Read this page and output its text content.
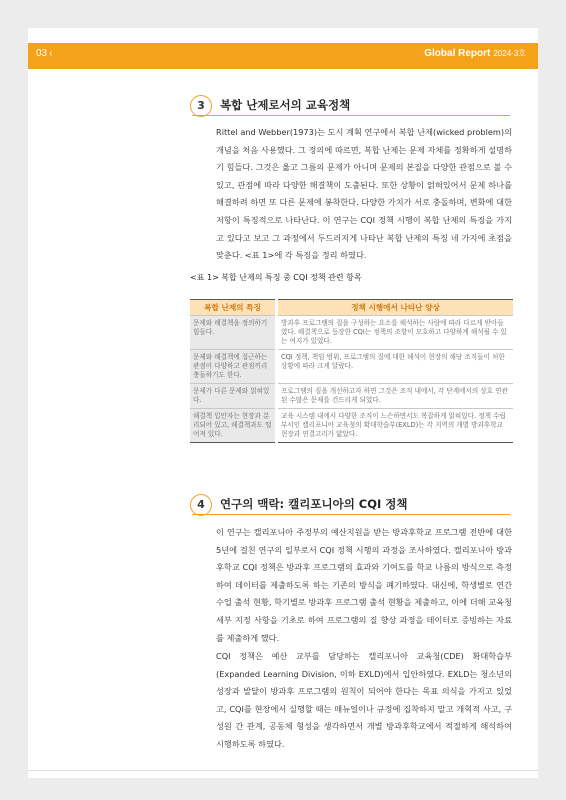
03 ‹	Global Report 2024-3호
3	복합 난제로서의 교육정책
Rittel and Webber(1973)는 도시 계획 연구에서 복합 난제(wicked problem)의 개념을 처음 사용했다. 그 정의에 따르면, 복합 난제는 문제 자체를 정확하게 설명하기 힘들다. 그것은 옳고 그름의 문제가 아니며 문제의 본질을 다양한 관점으로 볼 수 있고, 관점에 따라 다양한 해결책이 도출된다. 또한 상황이 얽혀있어서 문제 하나를 해결하려 하면 또 다른 문제에 봉착한다. 다양한 가치가 서로 충돌하며, 변화에 대한 저항이 특징적으로 나타난다. 이 연구는 CQI 정책 시행이 복합 난제의 특징을 가지고 있다고 보고 그 과정에서 두드러지게 나타난 복합 난제의 특징 네 가지에 초점을 맞춘다. <표 1>에 각 특징을 정리 하였다.
<표 1> 복합 난제의 특징 중 CQI 정책 관련 항목
복합 난제의 특징	정책 시행에서 나타난 양상
문제와 해결책을 정의하기 힘들다.	방과후 프로그램의 질을 구성하는 요소를 해석하는 사람에 따라 다르게 받아들였다. 해결책으로 등장한 CQI는 정책의 조항이 모호하고 다양하게 해석될 수 있는 여지가 있었다.
문제와 해결책에 접근하는 관점이 다양하고 관점끼리 충돌하기도 한다.	CQI 정책, 책임 범위, 프로그램의 질에 대한 해석이 현장의 해당 조직들이 처한 상황에 따라 크게 달랐다.
문제가 다른 문제와 얽혀있다.	프로그램의 질을 개선하고자 하면 그것은 조직 내에서, 각 단계에서의 상호 연관된 수많은 문제를 건드리게 되었다.
해결책 입안자는 현장과 분리되어 있고, 해결책과도 떨어져 있다.	교육 시스템 내에서 다양한 조직이 느슨하면서도 복잡하게 얽혀있다. 정책 수립 부서인 캘리포니아 교육청의 확대학습부(EXLD)는 각 지역의 개별 방과후학교 현장과 연결고리가 얇았다.
4	연구의 맥락: 캘리포니아의 CQI 정책
이 연구는 캘리포니아 주정부의 예산지원을 받는 방과후학교 프로그램 전반에 대한 5년에 걸친 연구의 일부로서 CQI 정책 시행의 과정을 조사하였다. 캘리포니아 방과후학교 CQI 정책은 방과후 프로그램의 효과와 기여도를 학교 나름의 방식으로 측정하여 데이터를 제출하도록 하는 기존의 방식을 폐기하였다. 대신에, 학생별로 연간 수업 출석 현황, 학기별로 방과후 프로그램 출석 현황을 제출하고, 이에 더해 교육청 세부 지정 사항을 기초로 하여 프로그램의 질 향상 과정을 데이터로 증빙하는 자료를 제출하게 했다.
CQI 정책은 예산 교부를 담당하는 캘리포니아 교육청(CDE) 확대학습부(Expanded Learning Division, 이하 EXLD)에서 입안하였다. EXLD는 청소년의 성장과 발달이 방과후 프로그램의 원칙이 되어야 한다는 목표 의식을 가지고 있었고, CQI를 현장에서 실행할 때는 매뉴얼이나 규정에 집착하지 말고 개혁적 사고, 구성원 간 관계, 공동체 형성을 생각하면서 개별 방과후학교에서 적절하게 해석하여 시행하도록 하였다.
